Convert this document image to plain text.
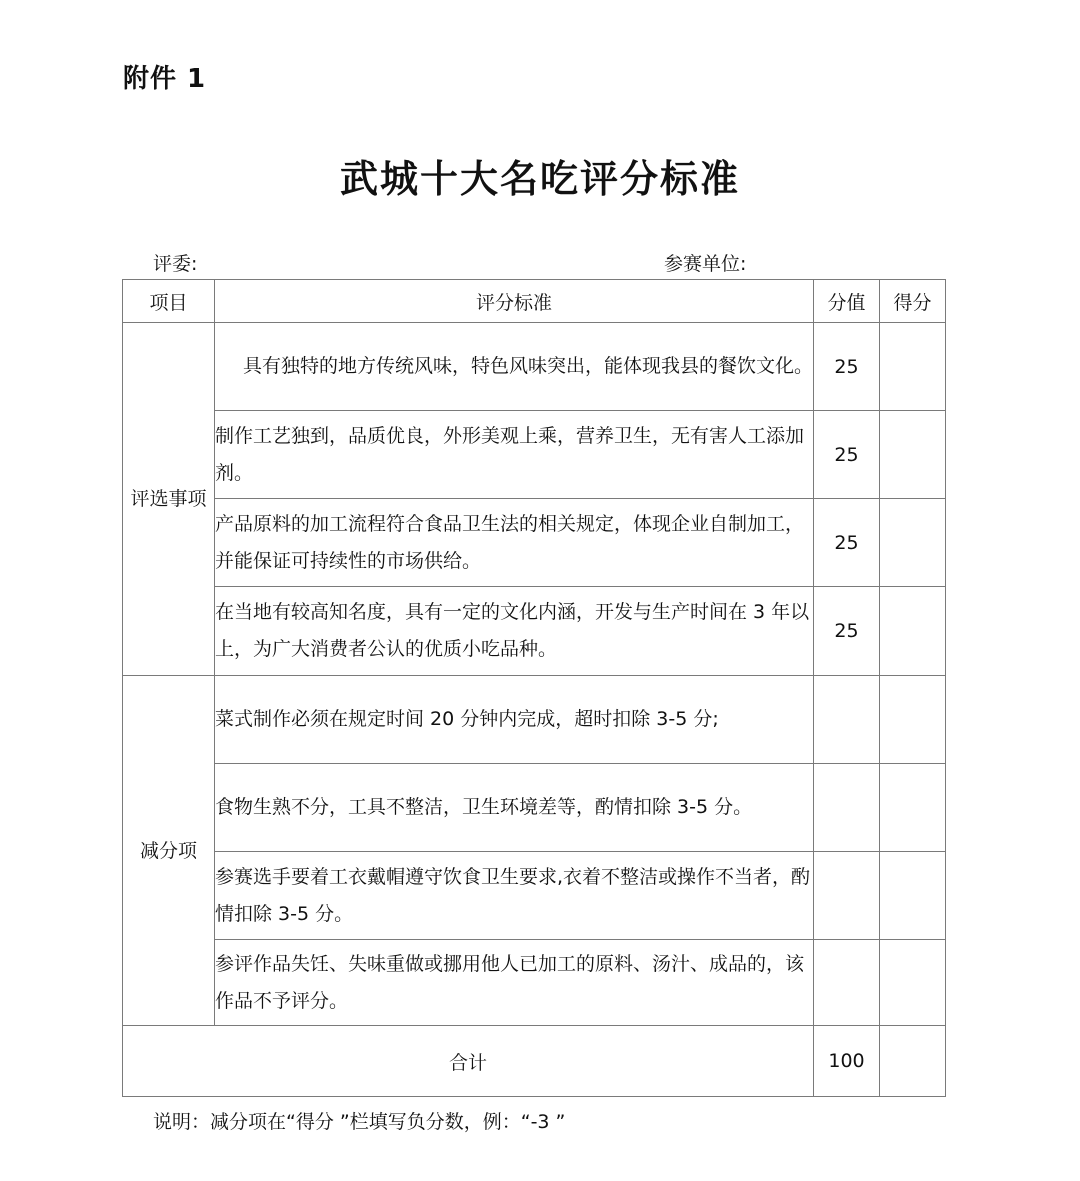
附件 1
武城十大名吃评分标准
评委:	参赛单位:
项目	评分标准	分值	得分
评选事项	具有独特的地方传统风味，特色风味突出，能体现我县的餐饮文化。	25	
	制作工艺独到，品质优良，外形美观上乘，营养卫生，无有害人工添加剂。	25	
	产品原料的加工流程符合食品卫生法的相关规定，体现企业自制加工，并能保证可持续性的市场供给。	25	
	在当地有较高知名度，具有一定的文化内涵，开发与生产时间在 3 年以上，为广大消费者公认的优质小吃品种。	25	
减分项	菜式制作必须在规定时间 20 分钟内完成，超时扣除 3-5 分;		
	食物生熟不分，工具不整洁，卫生环境差等，酌情扣除 3-5 分。		
	参赛选手要着工衣戴帽遵守饮食卫生要求,衣着不整洁或操作不当者，酌情扣除 3-5 分。		
	参评作品失饪、失味重做或挪用他人已加工的原料、汤汁、成品的，该作品不予评分。		
合计		100	
说明：减分项在“得分 ”栏填写负分数，例：“-3 ”
